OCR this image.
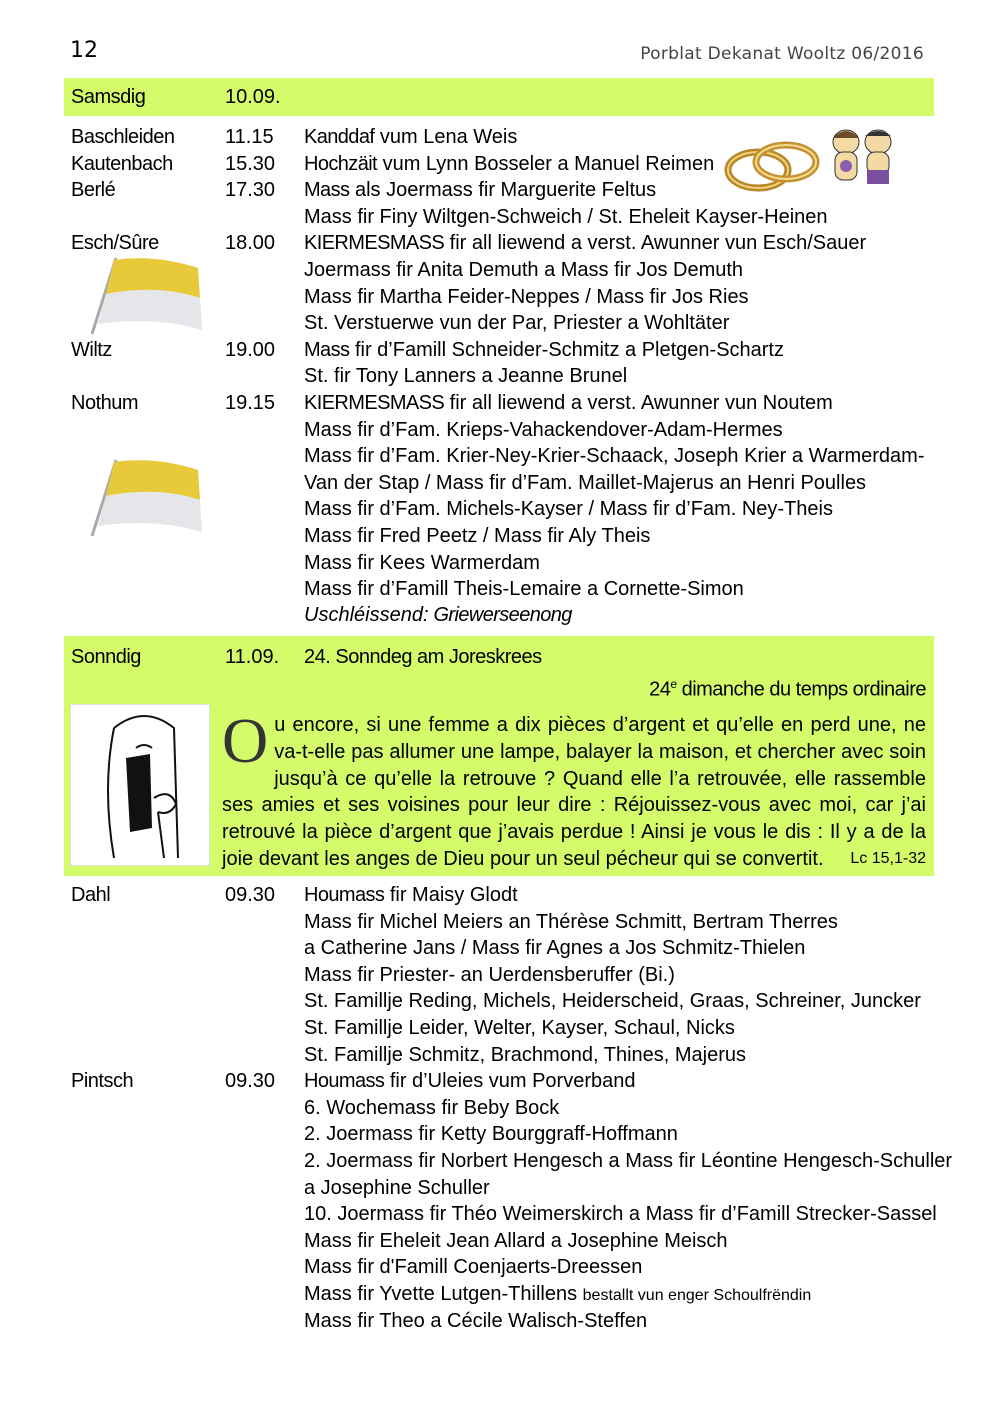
12	Porblat Dekanat Wooltz 06/2016
Samsdig	10.09.
Baschleiden	11.15 Kanddaf vum Lena Weis
Kautenbach	15.30 Hochzäit vum Lynn Bosseler a Manuel Reimen
Berlé	17.30 Mass als Joermass fir Marguerite Feltus
Mass fir Finy Wiltgen-Schweich / St. Eheleit Kayser-Heinen
Esch/Sûre	18.00 KIERMESMASS fir all liewend a verst. Awunner vun Esch/Sauer
Joermass fir Anita Demuth a Mass fir Jos Demuth
Mass fir Martha Feider-Neppes / Mass fir Jos Ries
St. Verstuerwe vun der Par, Priester a Wohltäter
Wiltz	19.00 Mass fir d’Famill Schneider-Schmitz a Pletgen-Schartz
St. fir Tony Lanners a Jeanne Brunel
Nothum	19.15 KIERMESMASS fir all liewend a verst. Awunner vun Noutem
Mass fir d’Fam. Krieps-Vahackendover-Adam-Hermes
Mass fir d’Fam. Krier-Ney-Krier-Schaack, Joseph Krier a Warmerdam-
Van der Stap / Mass fir d’Fam. Maillet-Majerus an Henri Poulles
Mass fir d’Fam. Michels-Kayser / Mass fir d’Fam. Ney-Theis
Mass fir Fred Peetz / Mass fir Aly Theis
Mass fir Kees Warmerdam
Mass fir d’Famill Theis-Lemaire a Cornette-Simon
Uschléissend: Griewerseenong
Sonndig	11.09. 24. Sonndeg am Joreskrees
24e dimanche du temps ordinaire
Ou encore, si une femme a dix pièces d’argent et qu’elle en perd une, ne va-t-elle pas allumer une lampe, balayer la maison, et chercher avec soin jusqu’à ce qu’elle la retrouve ? Quand elle l’a retrouvée, elle rassemble ses amies et ses voisines pour leur dire : Réjouissez-vous avec moi, car j’ai retrouvé la pièce d’argent que j’avais perdue ! Ainsi je vous le dis : Il y a de la joie devant les anges de Dieu pour un seul pécheur qui se convertit. Lc 15,1-32
Dahl	09.30 Houmass fir Maisy Glodt
Mass fir Michel Meiers an Thérèse Schmitt, Bertram Therres
a Catherine Jans / Mass fir Agnes a Jos Schmitz-Thielen
Mass fir Priester- an Uerdensberuffer (Bi.)
St. Famillje Reding, Michels, Heiderscheid, Graas, Schreiner, Juncker
St. Famillje Leider, Welter, Kayser, Schaul, Nicks
St. Famillje Schmitz, Brachmond, Thines, Majerus
Pintsch	09.30 Houmass fir d’Uleies vum Porverband
6. Wochemass fir Beby Bock
2. Joermass fir Ketty Bourggraff-Hoffmann
2. Joermass fir Norbert Hengesch a Mass fir Léontine Hengesch-Schuller
a Josephine Schuller
10. Joermass fir Théo Weimerskirch a Mass fir d’Famill Strecker-Sassel
Mass fir Eheleit Jean Allard a Josephine Meisch
Mass fir d'Famill Coenjaerts-Dreessen
Mass fir Yvette Lutgen-Thillens bestallt vun enger Schoulfrëndin
Mass fir Theo a Cécile Walisch-Steffen
